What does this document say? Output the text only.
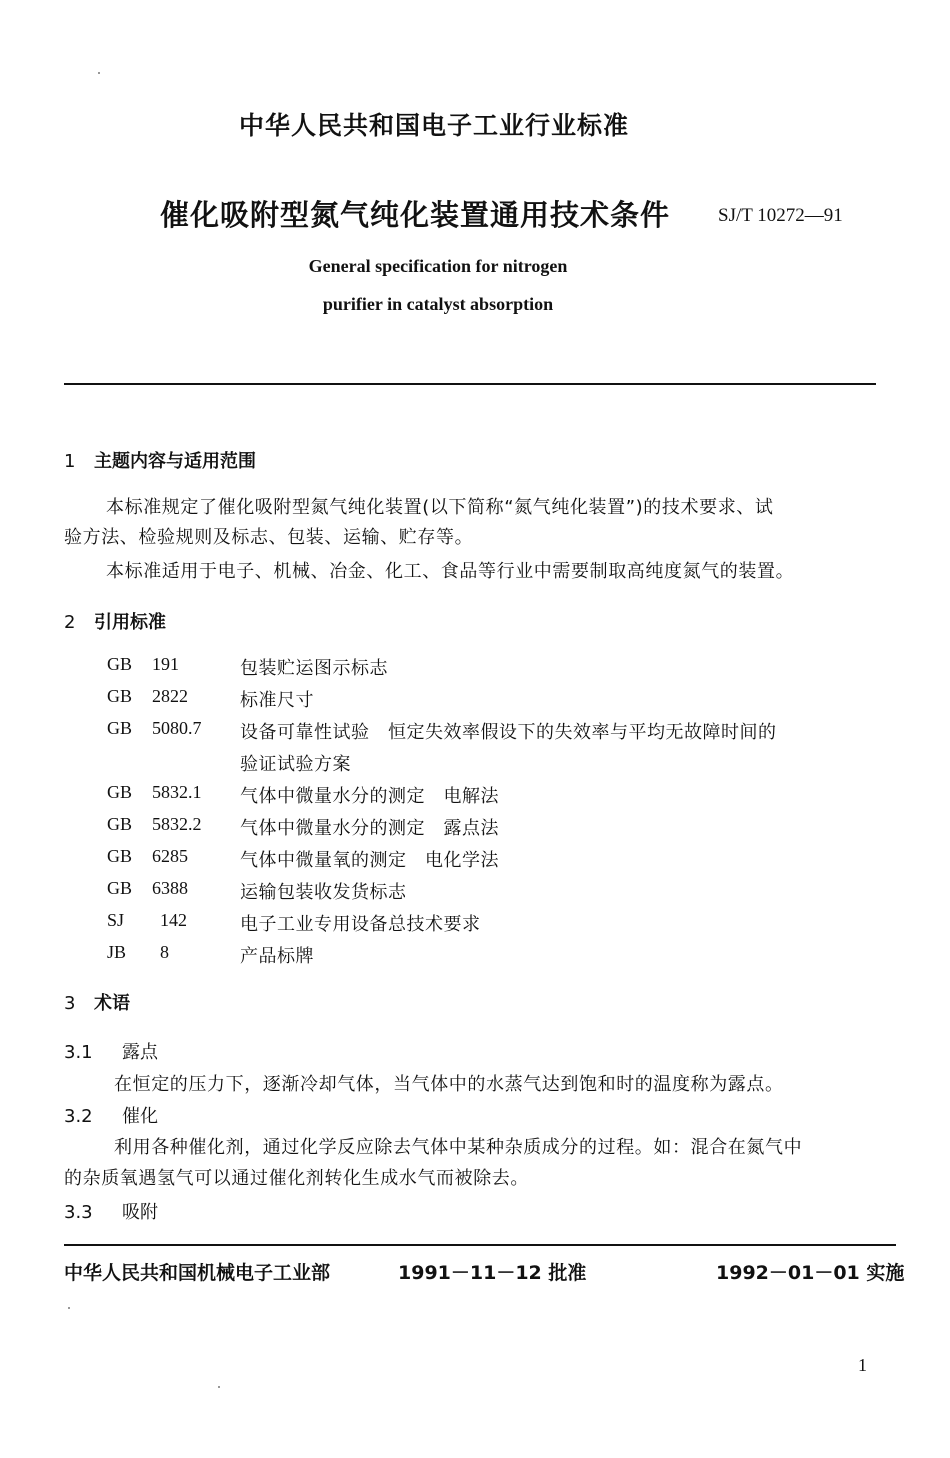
中华人民共和国电子工业行业标准
催化吸附型氮气纯化装置通用技术条件	SJ/T 10272—91
General specification for nitrogen
purifier in catalyst absorption
1 主题内容与适用范围
本标准规定了催化吸附型氮气纯化装置(以下简称“氮气纯化装置”)的技术要求、试
验方法、检验规则及标志、包装、运输、贮存等。
本标准适用于电子、机械、冶金、化工、食品等行业中需要制取高纯度氮气的装置。
2 引用标准
GB 191	包装贮运图示标志
GB 2822	标准尺寸
GB 5080.7 设备可靠性试验　恒定失效率假设下的失效率与平均无故障时间的
验证试验方案
GB 5832.1 气体中微量水分的测定　电解法
GB 5832.2 气体中微量水分的测定　露点法
GB 6285	气体中微量氧的测定　电化学法
GB 6388	运输包装收发货标志
SJ 142	电子工业专用设备总技术要求
JB 8	产品标牌
3 术语
3.1 露点
在恒定的压力下，逐渐冷却气体，当气体中的水蒸气达到饱和时的温度称为露点。
3.2 催化
利用各种催化剂，通过化学反应除去气体中某种杂质成分的过程。如：混合在氮气中
的杂质氧遇氢气可以通过催化剂转化生成水气而被除去。
3.3 吸附
中华人民共和国机械电子工业部	1991－11－12 批准	1992－01－01 实施
1
